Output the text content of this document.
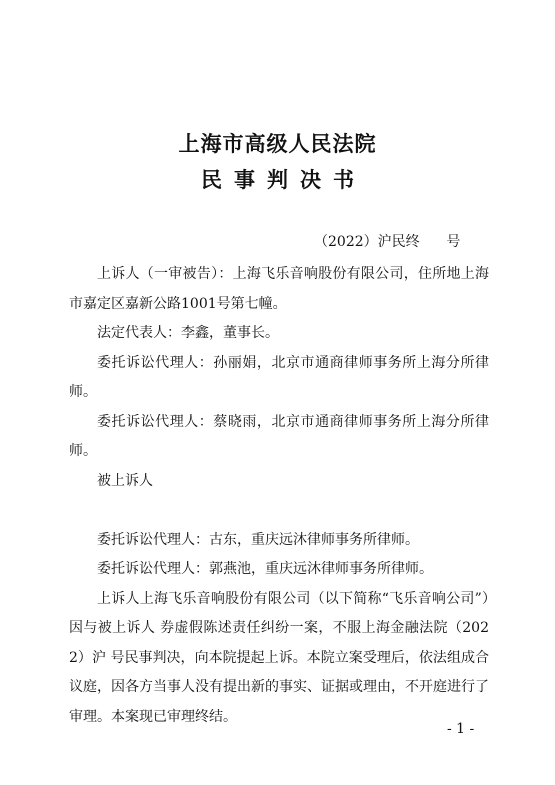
上海市高级人民法院
民事判决书
（2022）沪民终      号

上诉人（一审被告）：上海飞乐音响股份有限公司，住所地上海市嘉定区嘉新公路1001号第七幢。

法定代表人：李鑫，董事长。

委托诉讼代理人：孙丽娟，北京市通商律师事务所上海分所律师。

委托诉讼代理人：蔡晓雨，北京市通商律师事务所上海分所律师。

被上诉人

委托诉讼代理人：古东，重庆远沐律师事务所律师。

委托诉讼代理人：郭燕池，重庆远沐律师事务所律师。

上诉人上海飞乐音响股份有限公司（以下简称“飞乐音响公司”）因与被上诉人 券虚假陈述责任纠纷一案，不服上海金融法院（2022）沪 号民事判决，向本院提起上诉。本院立案受理后，依法组成合议庭，因各方当事人没有提出新的事实、证据或理由，不开庭进行了审理。本案现已审理终结。

- 1 -
